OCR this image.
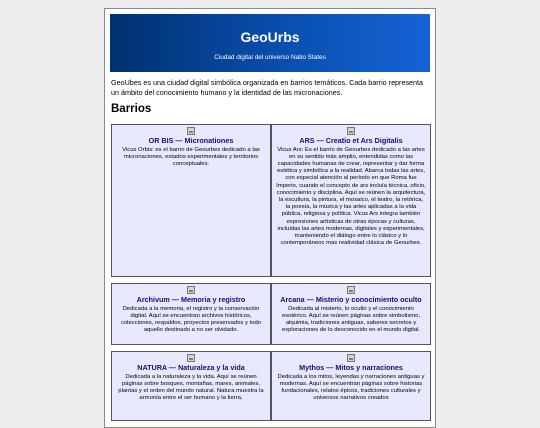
GeoUrbs
Ciudad digital del universo Natio States
GeoUbes es una ciudad digital simbólica organizada en barrios temáticos. Cada barrio representa un ámbito del conocimiento humano y la identidad de las micronaciones.
Barrios
OR BIS — Micronationes
Vicus Orbis: es el barrio de Geourbes dedicado a las micronaciones, estados experimentales y territorios conceptuales.
ARS — Creatio et Ars Digitalis
Vicus Ars: Es el barrio de Geourbes dedicado a las artes en su sentido más amplio, entendidas como las capacidades humanas de crear, representar y dar forma estética y simbólica a la realidad. Abarca todas las artes, con especial atención al período en que Roma fue Imperio, cuando el concepto de ars incluía técnica, oficio, conocimiento y disciplina. Aquí se reúnen la arquitectura, la escultura, la pintura, el mosaico, el teatro, la retórica, la poesía, la música y las artes aplicadas a la vida pública, religiosa y política. Vicus Ars integra también expresiones artísticas de otras épocas y culturas, incluidas las artes modernas, digitales y experimentales, manteniendo el diálogo entre lo clásico y lo contemporáneoc mas reatividad clásica de Geourbes.
Archivum — Memoria y registro
Dedicada a la memoria, el registro y la conservación digital. Aquí se encuentran archivos históricos, colecciones, respaldos, proyectos preservados y todo aquello destinado a no ser olvidado.
Arcana — Misterio y conocimiento oculto
Dedicada al misterio, lo oculto y el conocimiento esotérico. Aquí se reúnen páginas sobre simbolismo, alquimia, tradiciones antiguas, saberes secretos y exploraciones de lo desconocido en el mundo digital.
NATURA — Naturaleza y la vida
Dedicada a la naturaleza y la vida. Aquí se reúnen páginas sobre bosques, montañas, mares, animales, plantas y el orden del mundo natural. Natura muestra la armonía entre el ser humano y la tierra,
Mythos — Mitos y narraciones
Dedicada a los mitos, leyendas y narraciones antiguas y modernas. Aquí se encuentran páginas sobre historias fundacionales, relatos épicos, tradiciones culturales y universos narrativos creados
